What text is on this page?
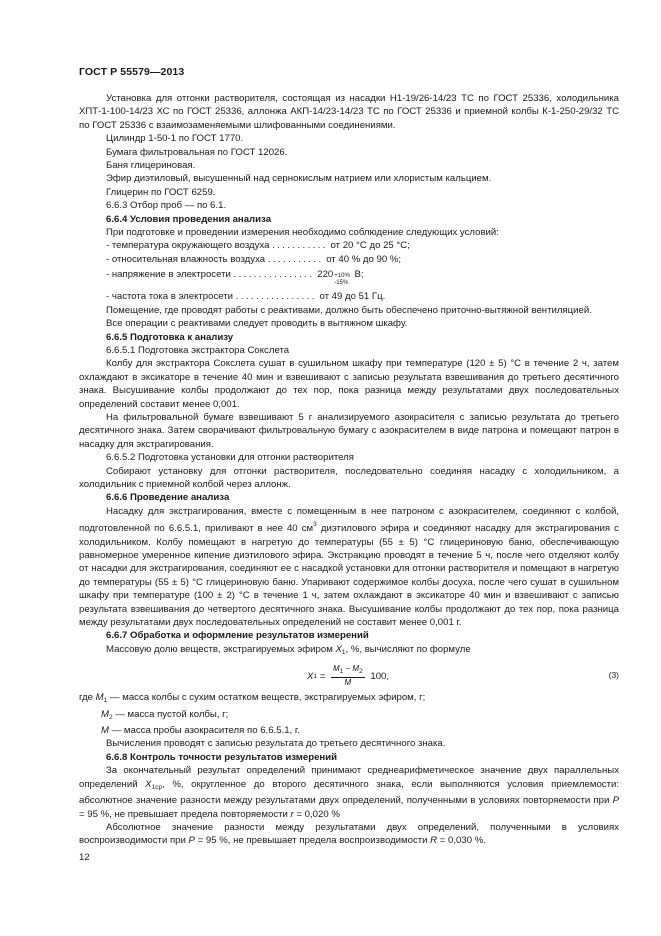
ГОСТ Р 55579—2013

Установка для отгонки растворителя, состоящая из насадки Н1-19/26-14/23 ТС по ГОСТ 25336, холодильника ХПТ-1-100-14/23 ХС по ГОСТ 25336, аллонжа АКП-14/23-14/23 ТС по ГОСТ 25336 и приемной колбы К-1-250-29/32 ТС по ГОСТ 25336 с взаимозаменяемыми шлифованными соединениями.

Цилиндр 1-50-1 по ГОСТ 1770.

Бумага фильтровальная по ГОСТ 12026.

Баня глицериновая.

Эфир диэтиловый, высушенный над сернокислым натрием или хлористым кальцием.

Глицерин по ГОСТ 6259.

6.6.3 Отбор проб — по 6.1.

6.6.4 Условия проведения анализа

При подготовке и проведении измерения необходимо соблюдение следующих условий:

- температура окружающего воздуха
...........
от 20 °С до 25 °С;

- относительная влажность воздуха
...........
от 40 % до 90 %;

- напряжение в электросети
................
220 +10%
-15%

В;

- частота тока в электросети
................
от 49 до 51 Гц.

Помещение, где проводят работы с реактивами, должно быть обеспечено приточно-вытяжной вентиляцией.

Все операции с реактивами следует проводить в вытяжном шкафу.

6.6.5 Подготовка к анализу

6.6.5.1 Подготовка экстрактора Сокслета

Колбу для экстрактора Сокслета сушат в сушильном шкафу при температуре (120 ± 5) °С в течение 2 ч, затем охлаждают в эксикаторе в течение 40 мин и взвешивают с записью результата взвешивания до третьего десятичного знака. Высушивание колбы продолжают до тех пор, пока разница между результатами двух последовательных определений составит менее 0,001.

На фильтровальной бумаге взвешивают 5 г анализируемого азокрасителя с записью результата до третьего десятичного знака. Затем сворачивают фильтровальную бумагу с азокрасителем в виде патрона и помещают патрон в насадку для экстрагирования.

6.6.5.2 Подготовка установки для отгонки растворителя

Собирают установку для отгонки растворителя, последовательно соединяя насадку с холодильником, а холодильник с приемной колбой через аллонж.

6.6.6 Проведение анализа

Насадку для экстрагирования, вместе с помещенным в нее патроном с азокрасителем, соединяют с колбой, подготовленной по 6.6.5.1, приливают в нее 40 $см^3$ диэтилового эфира и соединяют насадку для экстрагирования с холодильником. Колбу помещают в нагретую до температуры (55 ± 5) °С глицериновую баню, обеспечивающую равномерное умеренное кипение диэтилового эфира. Экстракцию проводят в течение 5 ч, после чего отделяют колбу от насадки для экстрагирования, соединяют ее с насадкой установки для отгонки растворителя и помещают в нагретую до температуры (55 ± 5) °С глицериновую баню. Упаривают содержимое колбы досуха, после чего сушат в сушильном шкафу при температуре (100 ± 2) °С в течение 1 ч, затем охлаждают в эксикаторе 40 мин и взвешивают с записью результата взвешивания до четвертого десятичного знака. Высушивание колбы продолжают до тех пор, пока разница между результатами двух последовательных определений не составит менее 0,001 г.

6.6.7 Обработка и оформление результатов измерений

Массовую долю веществ, экстрагируемых эфиром $X_1$, %, вычисляют по формуле

X $1 = \frac{M_1 - M_2}{M} 100$,	(3)

где $M_1$ — масса колбы с сухим остатком веществ, экстрагируемых эфиром, г;

$M_2$ — масса пустой колбы, г;

M — масса пробы азокрасителя по 6.6.5.1, г.

Вычисления проводят с записью результата до третьего десятичного знака.

6.6.8 Контроль точности результатов измерений

За окончательный результат определений принимают среднеарифметическое значение двух параллельных определений $X_{1ср}$, %, округленное до второго десятичного знака, если выполняются условия приемлемости: абсолютное значение разности между результатами двух определений, полученными в условиях повторяемости при P = 95 %, не превышает предела повторяемости r = 0,020 %

Абсолютное значение разности между результатами двух определений, полученными в условиях воспроизводимости при P = 95 %, не превышает предела воспроизводимости R = 0,030 %.

12
